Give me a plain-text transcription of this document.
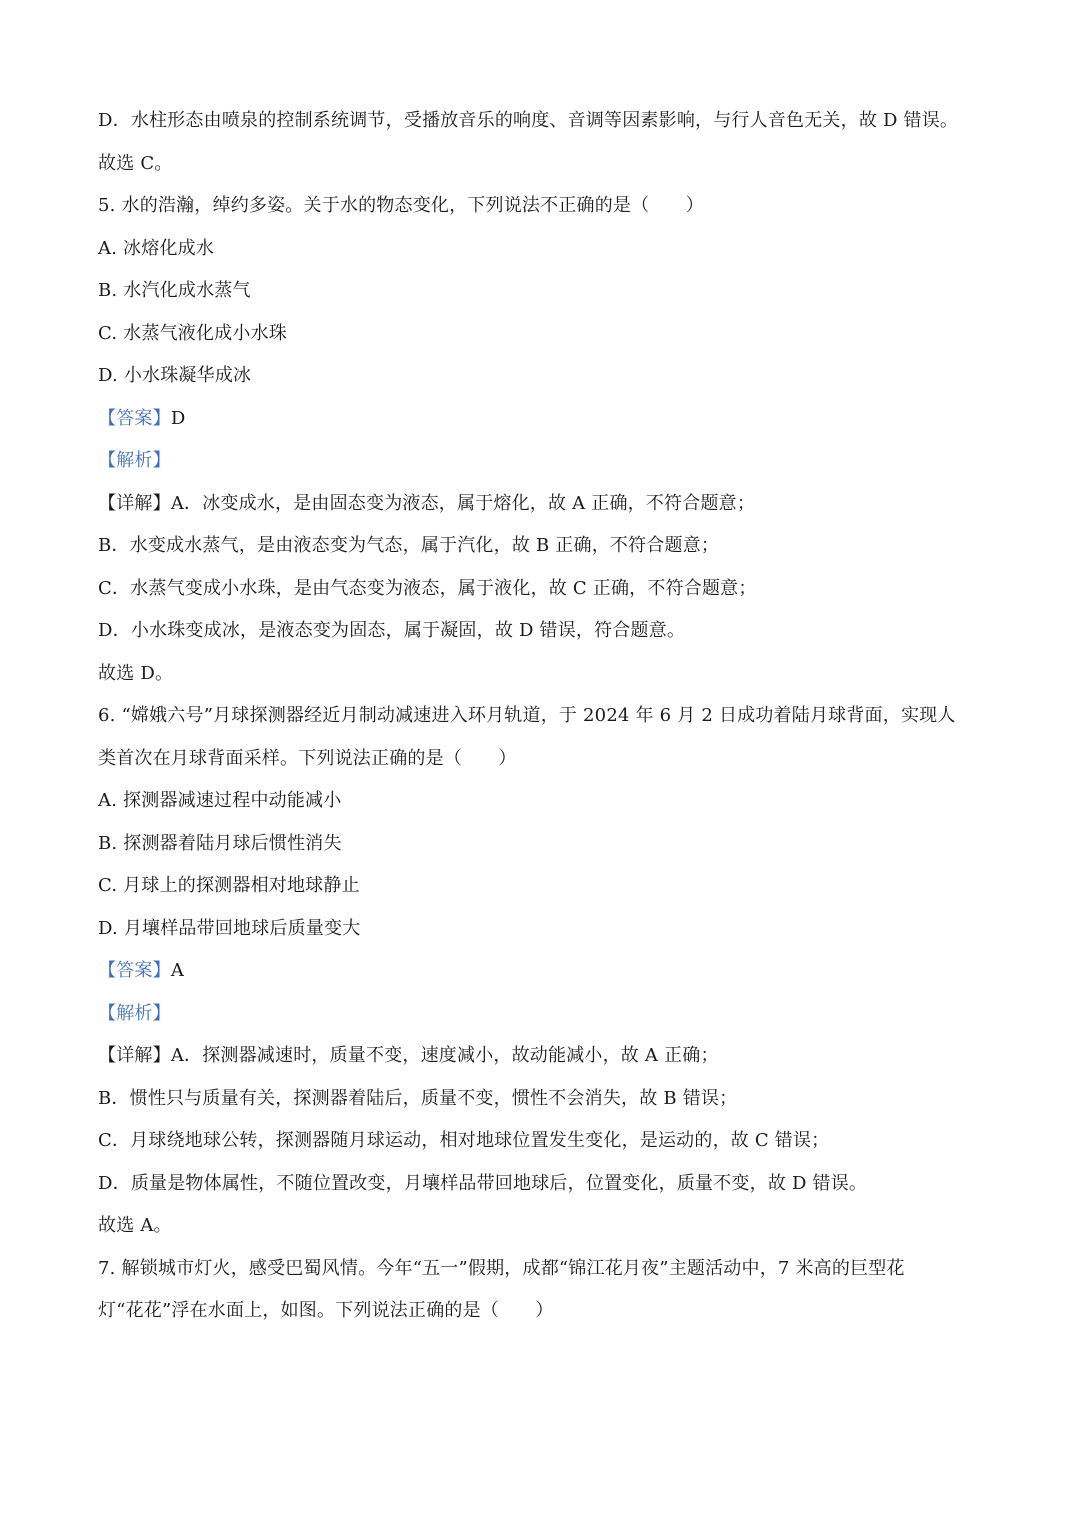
D．水柱形态由喷泉的控制系统调节，受播放音乐的响度、音调等因素影响，与行人音色无关，故 D 错误。
故选 C。
5. 水的浩瀚，绰约多姿。关于水的物态变化，下列说法不正确的是（　　）
A. 冰熔化成水
B. 水汽化成水蒸气
C. 水蒸气液化成小水珠
D. 小水珠凝华成冰
【答案】D
【解析】
【详解】A．冰变成水，是由固态变为液态，属于熔化，故 A 正确，不符合题意；
B．水变成水蒸气，是由液态变为气态，属于汽化，故 B 正确，不符合题意；
C．水蒸气变成小水珠，是由气态变为液态，属于液化，故 C 正确，不符合题意；
D．小水珠变成冰，是液态变为固态，属于凝固，故 D 错误，符合题意。
故选 D。
6. “嫦娥六号”月球探测器经近月制动减速进入环月轨道，于 2024 年 6 月 2 日成功着陆月球背面，实现人
类首次在月球背面采样。下列说法正确的是（　　）
A. 探测器减速过程中动能减小
B. 探测器着陆月球后惯性消失
C. 月球上的探测器相对地球静止
D. 月壤样品带回地球后质量变大
【答案】A
【解析】
【详解】A．探测器减速时，质量不变，速度减小，故动能减小，故 A 正确；
B．惯性只与质量有关，探测器着陆后，质量不变，惯性不会消失，故 B 错误；
C．月球绕地球公转，探测器随月球运动，相对地球位置发生变化，是运动的，故 C 错误；
D．质量是物体属性，不随位置改变，月壤样品带回地球后，位置变化，质量不变，故 D 错误。
故选 A。
7. 解锁城市灯火，感受巴蜀风情。今年“五一”假期，成都“锦江花月夜”主题活动中，7 米高的巨型花
灯“花花”浮在水面上，如图。下列说法正确的是（　　）
